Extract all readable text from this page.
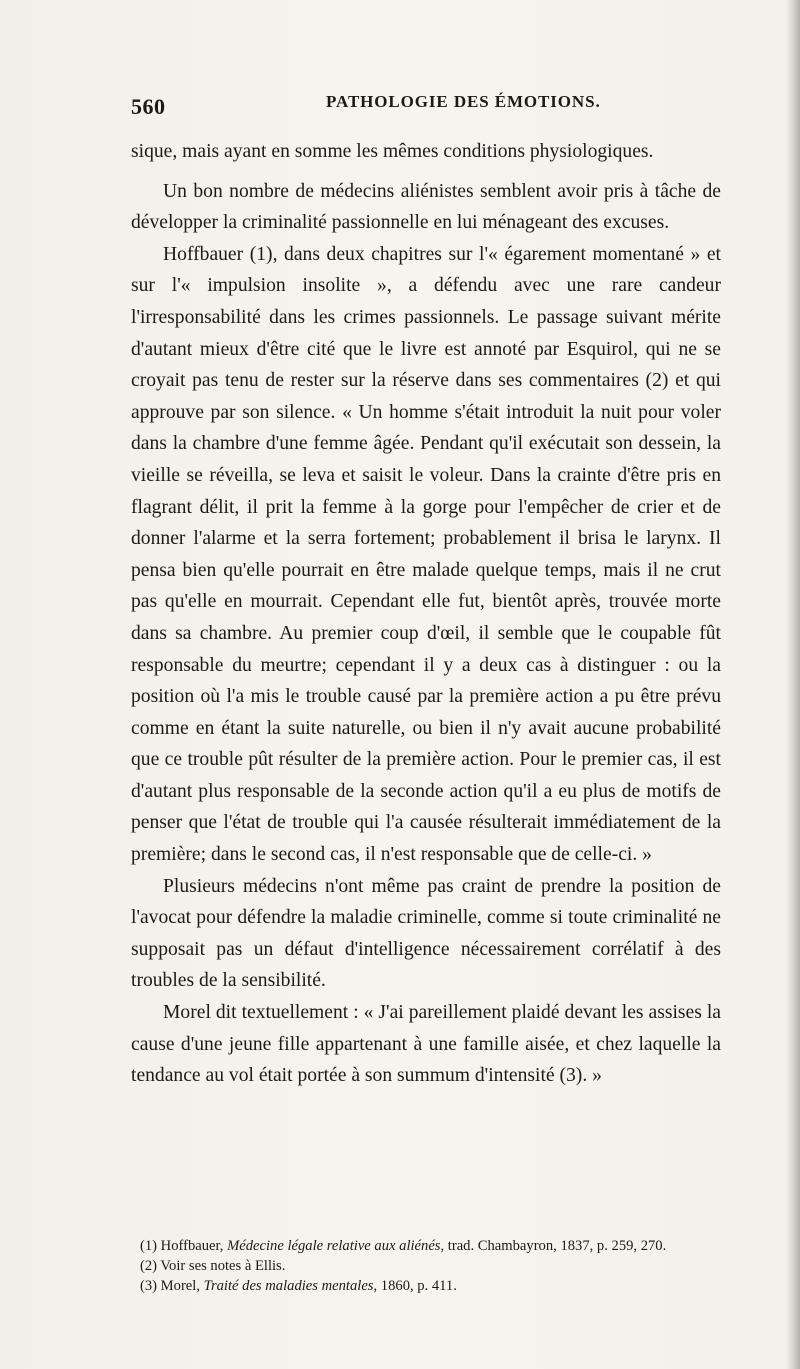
560	PATHOLOGIE DES ÉMOTIONS.

sique, mais ayant en somme les mêmes conditions physiologiques.

Un bon nombre de médecins aliénistes semblent avoir pris à tâche de développer la criminalité passionnelle en lui ménageant des excuses.

Hoffbauer (1), dans deux chapitres sur l'« égarement momentané » et sur l'« impulsion insolite », a défendu avec une rare candeur l'irresponsabilité dans les crimes passionnels. Le passage suivant mérite d'autant mieux d'être cité que le livre est annoté par Esquirol, qui ne se croyait pas tenu de rester sur la réserve dans ses commentaires (2) et qui approuve par son silence. « Un homme s'était introduit la nuit pour voler dans la chambre d'une femme âgée. Pendant qu'il exécutait son dessein, la vieille se réveilla, se leva et saisit le voleur. Dans la crainte d'être pris en flagrant délit, il prit la femme à la gorge pour l'empêcher de crier et de donner l'alarme et la serra fortement; probablement il brisa le larynx. Il pensa bien qu'elle pourrait en être malade quelque temps, mais il ne crut pas qu'elle en mourrait. Cependant elle fut, bientôt après, trouvée morte dans sa chambre. Au premier coup d'œil, il semble que le coupable fût responsable du meurtre; cependant il y a deux cas à distinguer : ou la position où l'a mis le trouble causé par la première action a pu être prévu comme en étant la suite naturelle, ou bien il n'y avait aucune probabilité que ce trouble pût résulter de la première action. Pour le premier cas, il est d'autant plus responsable de la seconde action qu'il a eu plus de motifs de penser que l'état de trouble qui l'a causée résulterait immédiatement de la première; dans le second cas, il n'est responsable que de celle-ci. »

Plusieurs médecins n'ont même pas craint de prendre la position de l'avocat pour défendre la maladie criminelle, comme si toute criminalité ne supposait pas un défaut d'intelligence nécessairement corrélatif à des troubles de la sensibilité.

Morel dit textuellement : « J'ai pareillement plaidé devant les assises la cause d'une jeune fille appartenant à une famille aisée, et chez laquelle la tendance au vol était portée à son summum d'intensité (3). »

(1) Hoffbauer, Médecine légale relative aux aliénés, trad. Chambayron, 1837, p. 259, 270.

(2) Voir ses notes à Ellis.

(3) Morel, Traité des maladies mentales, 1860, p. 411.
